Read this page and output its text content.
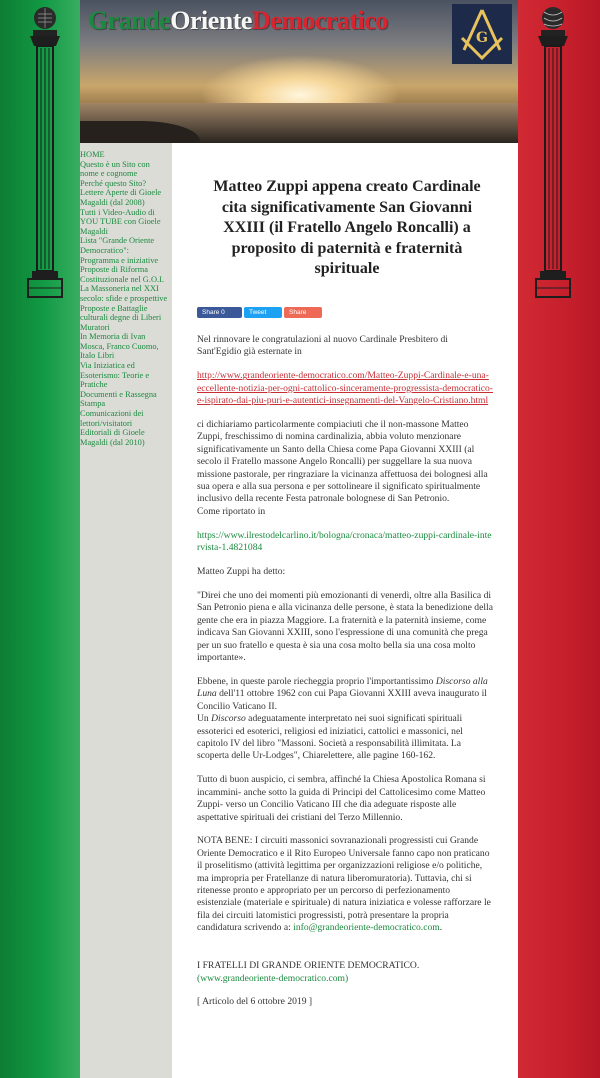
GrandeOrienteDemocratico
G
HOME
Questo è un Sito con nome e cognome
Perché questo Sito?
Lettere Aperte di Gioele Magaldi (dal 2008)
Tutti i Video-Audio di YOU TUBE con Gioele Magaldi
Lista "Grande Oriente Democratico": Programma e iniziative
Proposte di Riforma Costituzionale nel G.O.I.
La Massoneria nel XXI secolo: sfide e prospettive
Proposte e Battaglie culturali degne di Liberi Muratori
In Memoria di Ivan Mosca, Franco Cuomo, Italo Libri
Via Iniziatica ed Esoterismo: Teorie e Pratiche
Documenti e Rassegna Stampa
Comunicazioni dei lettori/visitatori
Editoriali di Gioele Magaldi (dal 2010)
Matteo Zuppi appena creato Cardinale cita significativamente San Giovanni XXIII (il Fratello Angelo Roncalli) a proposito di paternità e fraternità spirituale
Share 0	Tweet	Share

Nel rinnovare le congratulazioni al nuovo Cardinale Presbitero di Sant'Egidio già esternate in

http://www.grandeoriente-democratico.com/Matteo-Zuppi-Cardinale-e-una-eccellente-notizia-per-ogni-cattolico-sinceramente-progressista-democratico-e-ispirato-dai-piu-puri-e-autentici-insegnamenti-del-Vangelo-Cristiano.html

ci dichiariamo particolarmente compiaciuti che il non-massone Matteo Zuppi, freschissimo di nomina cardinalizia, abbia voluto menzionare significativamente un Santo della Chiesa come Papa Giovanni XXIII (al secolo il Fratello massone Angelo Roncalli) per suggellare la sua nuova missione pastorale, per ringraziare la vicinanza affettuosa dei bolognesi alla sua opera e alla sua persona e per sottolineare il significato spiritualmente inclusivo della recente Festa patronale bolognese di San Petronio.

Come riportato in

https://www.ilrestodelcarlino.it/bologna/cronaca/matteo-zuppi-cardinale-intervista-1.4821084

Matteo Zuppi ha detto:

"Direi che uno dei momenti più emozionanti di venerdì, oltre alla Basilica di San Petronio piena e alla vicinanza delle persone, è stata la benedizione della gente che era in piazza Maggiore. La fraternità e la paternità insieme, come indicava San Giovanni XXIII, sono l'espressione di una comunità che prega per un suo fratello e questa è sia una cosa molto bella sia una cosa molto importante».

Ebbene, in queste parole riecheggia proprio l'importantissimo Discorso alla Luna dell'11 ottobre 1962 con cui Papa Giovanni XXIII aveva inaugurato il Concilio Vaticano II.

Un Discorso adeguatamente interpretato nei suoi significati spirituali essoterici ed esoterici, religiosi ed iniziatici, cattolici e massonici, nel capitolo IV del libro "Massoni. Società a responsabilità illimitata. La scoperta delle Ur-Lodges", Chiarelettere, alle pagine 160-162.

Tutto di buon auspicio, ci sembra, affinché la Chiesa Apostolica Romana si incammini- anche sotto la guida di Principi del Cattolicesimo come Matteo Zuppi- verso un Concilio Vaticano III che dia adeguate risposte alle aspettative spirituali dei cristiani del Terzo Millennio.

NOTA BENE: I circuiti massonici sovranazionali progressisti cui Grande Oriente Democratico e il Rito Europeo Universale fanno capo non praticano il proselitismo (attività legittima per organizzazioni religiose e/o politiche, ma impropria per Fratellanze di natura liberomuratoria). Tuttavia, chi si ritenesse pronto e appropriato per un percorso di perfezionamento esistenziale (materiale e spirituale) di natura iniziatica e volesse rafforzare le fila dei circuiti latomistici progressisti, potrà presentare la propria candidatura scrivendo a: info@grandeoriente-democratico.com.

I FRATELLI DI GRANDE ORIENTE DEMOCRATICO.

(www.grandeoriente-democratico.com)

[ Articolo del 6 ottobre 2019 ]
